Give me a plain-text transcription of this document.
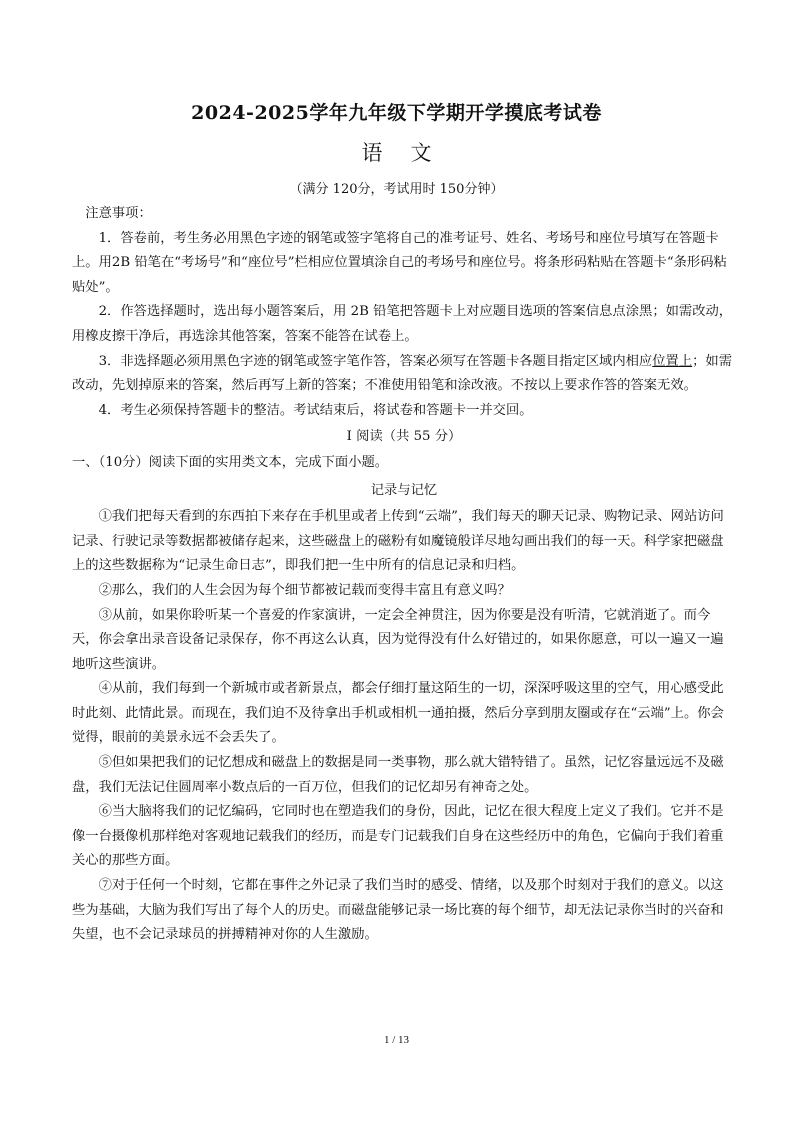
2024-2025学年九年级下学期开学摸底考试卷
语文
（满分 120分，考试用时 150分钟）

注意事项：

1．答卷前，考生务必用黑色字迹的钢笔或签字笔将自己的准考证号、姓名、考场号和座位号填写在答题卡上。用2B 铅笔在“考场号”和“座位号”栏相应位置填涂自己的考场号和座位号。将条形码粘贴在答题卡“条形码粘贴处”。

2．作答选择题时，选出每小题答案后，用 2B 铅笔把答题卡上对应题目选项的答案信息点涂黑；如需改动，用橡皮擦干净后，再选涂其他答案，答案不能答在试卷上。

3．非选择题必须用黑色字迹的钢笔或签字笔作答，答案必须写在答题卡各题目指定区域内相应位置上；如需改动，先划掉原来的答案，然后再写上新的答案；不准使用铅笔和涂改液。不按以上要求作答的答案无效。

4．考生必须保持答题卡的整洁。考试结束后，将试卷和答题卡一并交回。

I 阅读（共 55 分）

一、（10分）阅读下面的实用类文本，完成下面小题。

记录与记忆

①我们把每天看到的东西拍下来存在手机里或者上传到“云端”，我们每天的聊天记录、购物记录、网站访问记录、行驶记录等数据都被储存起来，这些磁盘上的磁粉有如魔镜般详尽地勾画出我们的每一天。科学家把磁盘上的这些数据称为“记录生命日志”，即我们把一生中所有的信息记录和归档。

②那么，我们的人生会因为每个细节都被记载而变得丰富且有意义吗？

③从前，如果你聆听某一个喜爱的作家演讲，一定会全神贯注，因为你要是没有听清，它就消逝了。而今天，你会拿出录音设备记录保存，你不再这么认真，因为觉得没有什么好错过的，如果你愿意，可以一遍又一遍地听这些演讲。

④从前，我们每到一个新城市或者新景点，都会仔细打量这陌生的一切，深深呼吸这里的空气，用心感受此时此刻、此情此景。而现在，我们迫不及待拿出手机或相机一通拍摄，然后分享到朋友圈或存在“云端”上。你会觉得，眼前的美景永远不会丢失了。

⑤但如果把我们的记忆想成和磁盘上的数据是同一类事物，那么就大错特错了。虽然，记忆容量远远不及磁盘，我们无法记住圆周率小数点后的一百万位，但我们的记忆却另有神奇之处。

⑥当大脑将我们的记忆编码，它同时也在塑造我们的身份，因此，记忆在很大程度上定义了我们。它并不是像一台摄像机那样绝对客观地记载我们的经历，而是专门记载我们自身在这些经历中的角色，它偏向于我们着重关心的那些方面。

⑦对于任何一个时刻，它都在事件之外记录了我们当时的感受、情绪，以及那个时刻对于我们的意义。以这些为基础，大脑为我们写出了每个人的历史。而磁盘能够记录一场比赛的每个细节，却无法记录你当时的兴奋和失望，也不会记录球员的拼搏精神对你的人生激励。

1 / 13
